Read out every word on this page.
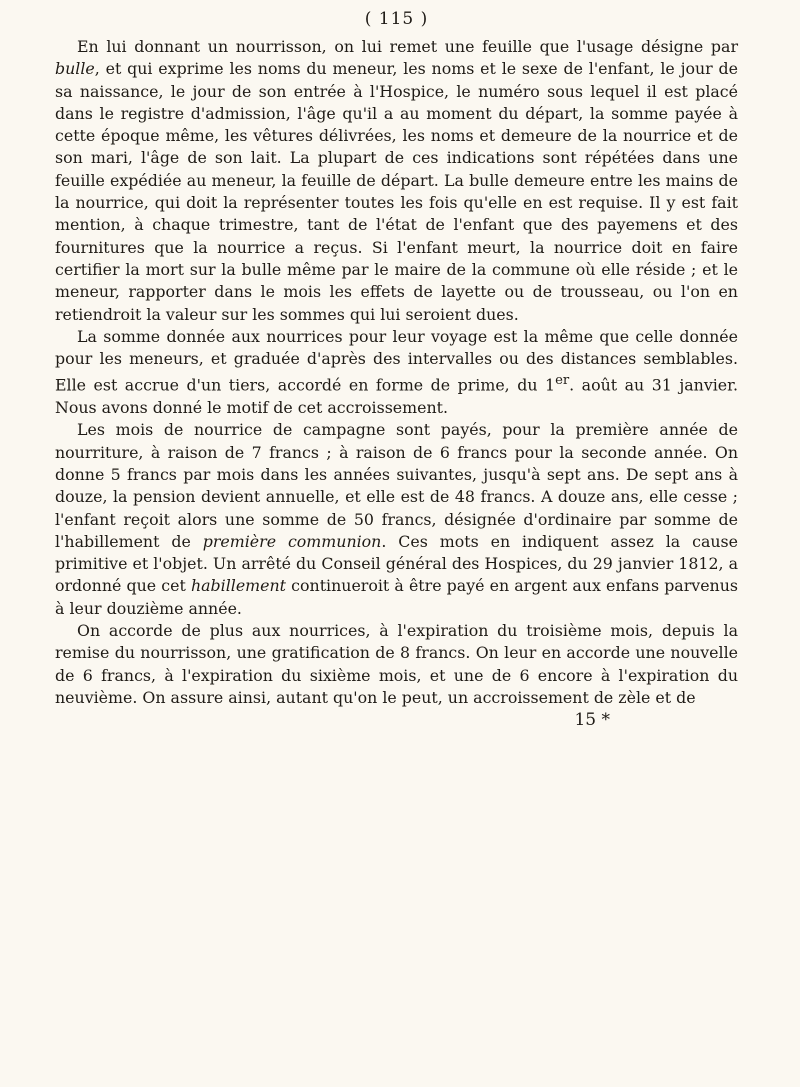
( 115 )

En lui donnant un nourrisson, on lui remet une feuille que l'usage désigne par bulle, et qui exprime les noms du meneur, les noms et le sexe de l'enfant, le jour de sa naissance, le jour de son entrée à l'Hospice, le numéro sous lequel il est placé dans le registre d'admission, l'âge qu'il a au moment du départ, la somme payée à cette époque même, les vêtures délivrées, les noms et demeure de la nourrice et de son mari, l'âge de son lait. La plupart de ces indications sont répétées dans une feuille expédiée au meneur, la feuille de départ. La bulle demeure entre les mains de la nourrice, qui doit la représenter toutes les fois qu'elle en est requise. Il y est fait mention, à chaque trimestre, tant de l'état de l'enfant que des payemens et des fournitures que la nourrice a reçus. Si l'enfant meurt, la nourrice doit en faire certifier la mort sur la bulle même par le maire de la commune où elle réside ; et le meneur, rapporter dans le mois les effets de layette ou de trousseau, ou l'on en retiendroit la valeur sur les sommes qui lui seroient dues.

La somme donnée aux nourrices pour leur voyage est la même que celle donnée pour les meneurs, et graduée d'après des intervalles ou des distances semblables. Elle est accrue d'un tiers, accordé en forme de prime, du 1er. août au 31 janvier. Nous avons donné le motif de cet accroissement.

Les mois de nourrice de campagne sont payés, pour la première année de nourriture, à raison de 7 francs ; à raison de 6 francs pour la seconde année. On donne 5 francs par mois dans les années suivantes, jusqu'à sept ans. De sept ans à douze, la pension devient annuelle, et elle est de 48 francs. A douze ans, elle cesse ; l'enfant reçoit alors une somme de 50 francs, désignée d'ordinaire par somme de l'habillement de première communion. Ces mots en indiquent assez la cause primitive et l'objet. Un arrêté du Conseil général des Hospices, du 29 janvier 1812, a ordonné que cet habillement continueroit à être payé en argent aux enfans parvenus à leur douzième année.

On accorde de plus aux nourrices, à l'expiration du troisième mois, depuis la remise du nourrisson, une gratification de 8 francs. On leur en accorde une nouvelle de 6 francs, à l'expiration du sixième mois, et une de 6 encore à l'expiration du neuvième. On assure ainsi, autant qu'on le peut, un accroissement de zèle et de

15 *
